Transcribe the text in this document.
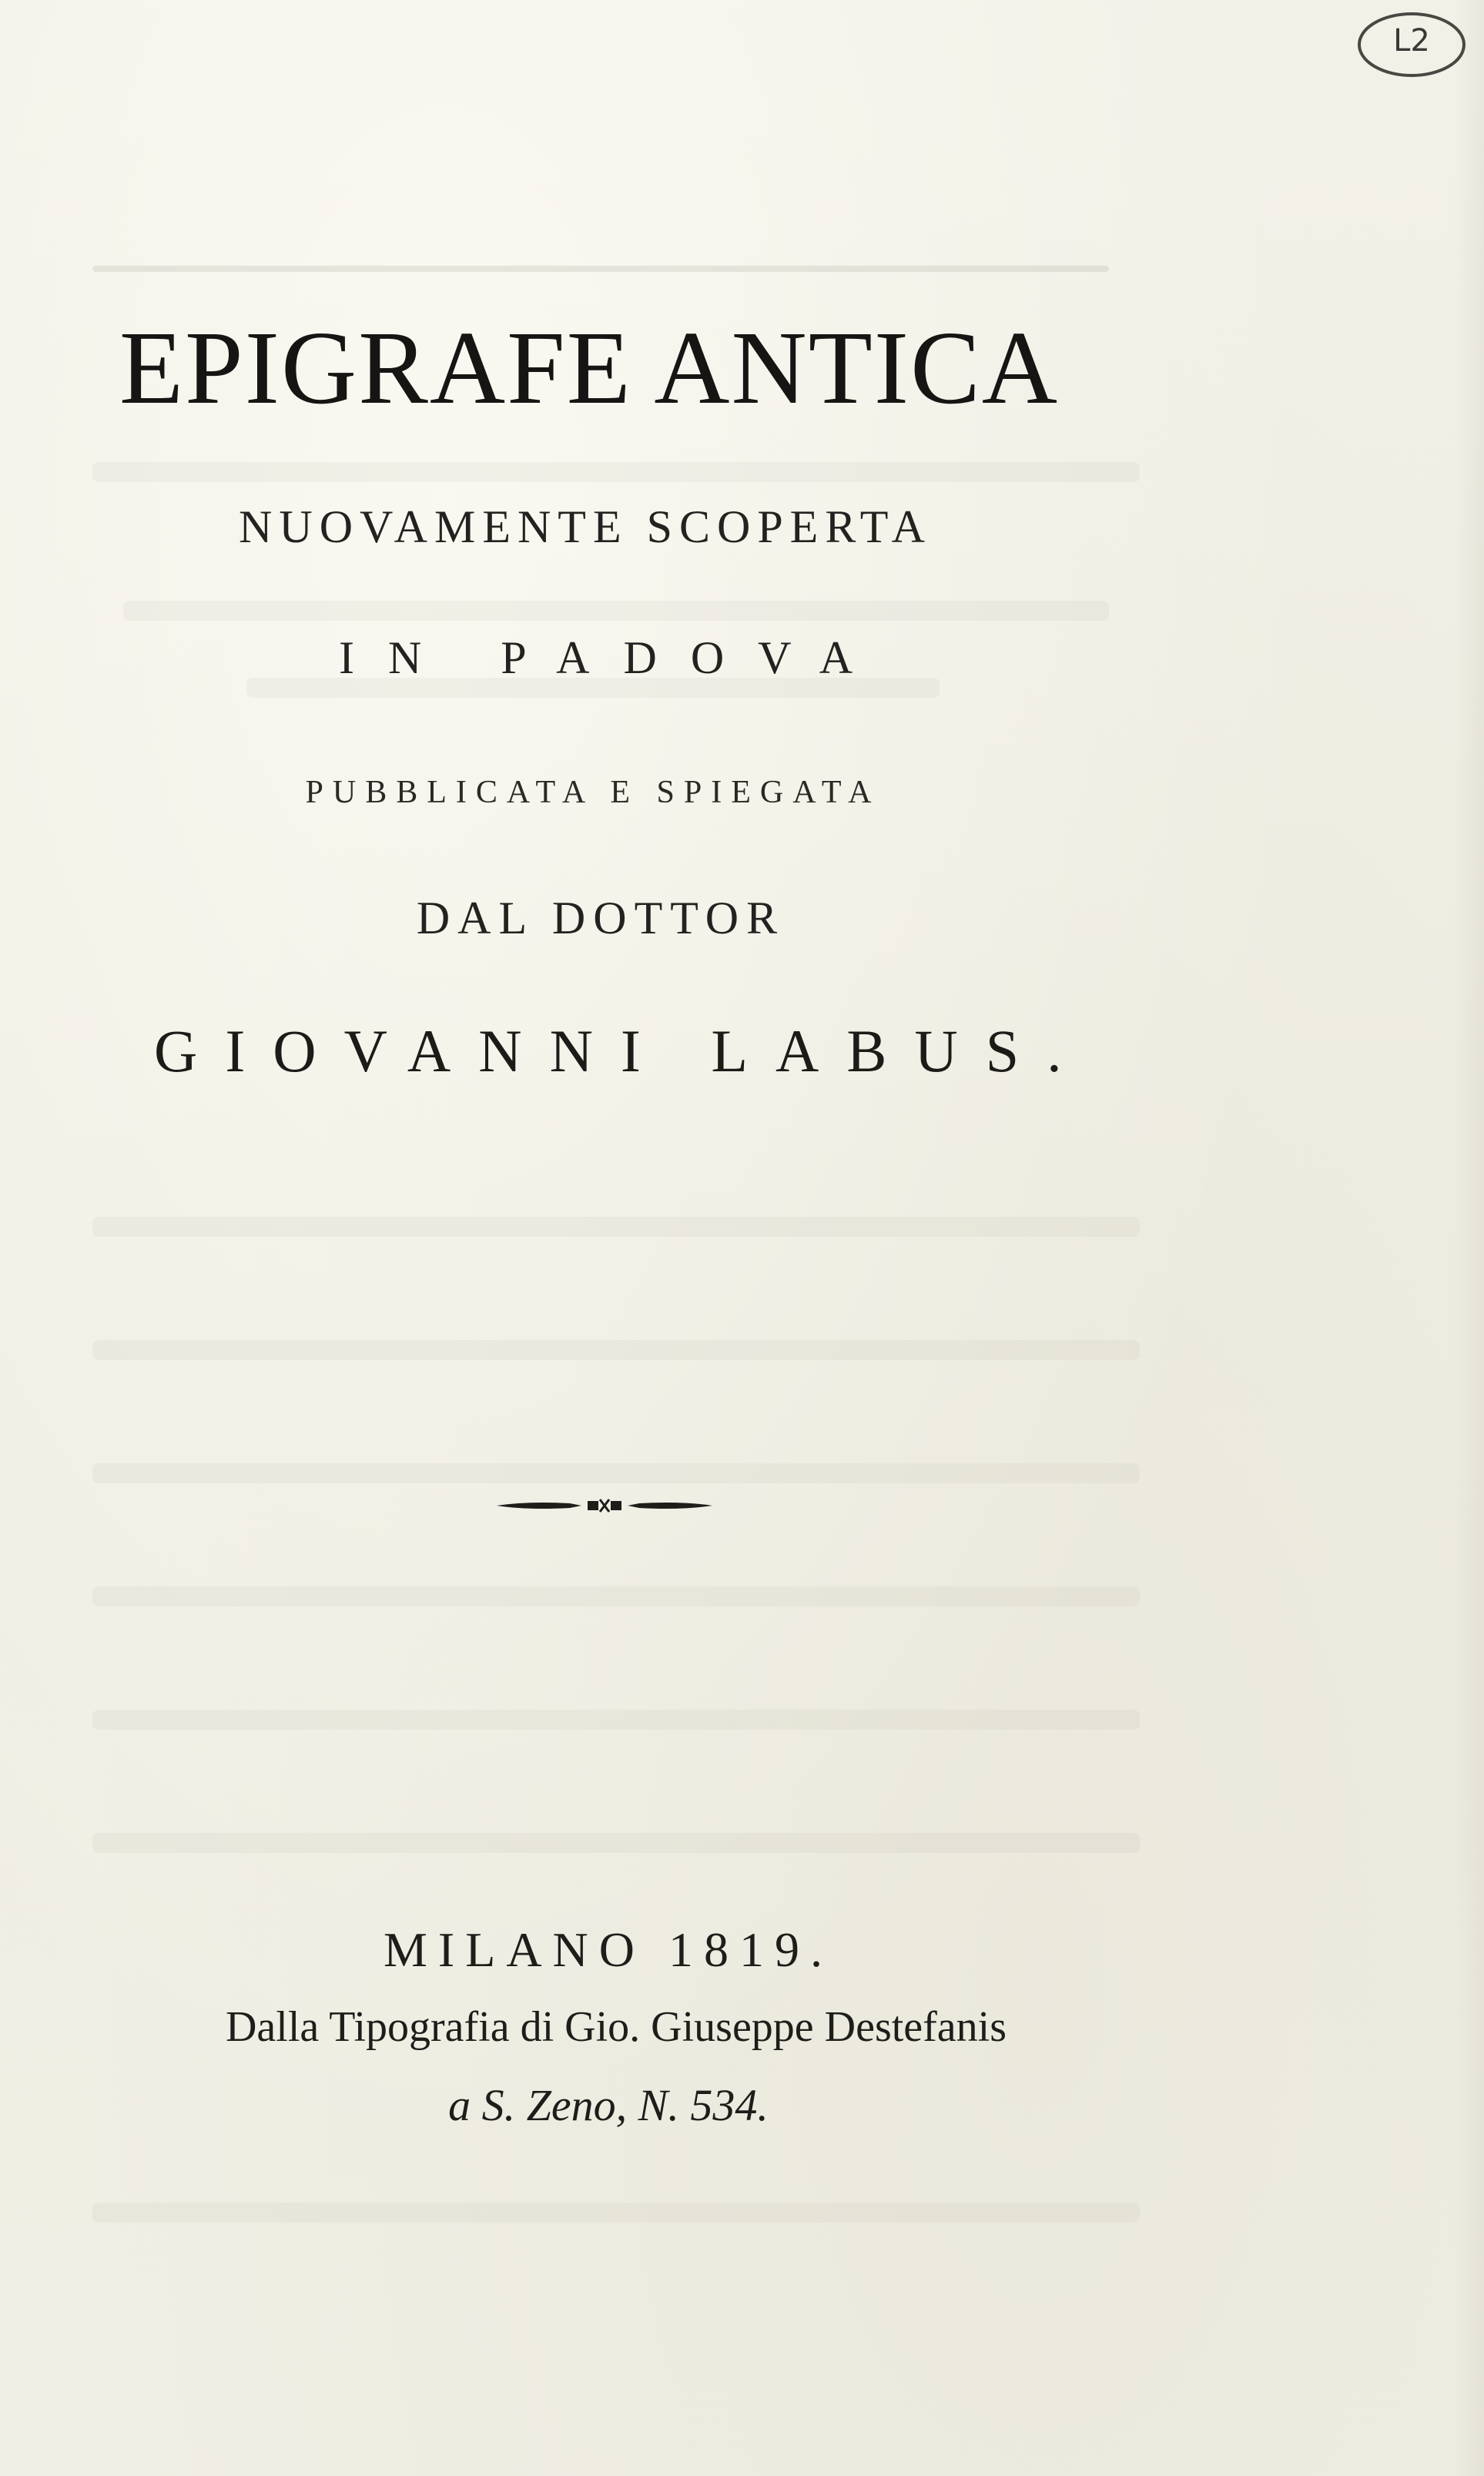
L2
EPIGRAFE ANTICA
NUOVAMENTE SCOPERTA
IN PADOVA
PUBBLICATA E SPIEGATA
DAL DOTTOR
GIOVANNI LABUS.
MILANO 1819.
Dalla Tipografia di Gio. Giuseppe Destefanis
a S. Zeno, N. 534.
